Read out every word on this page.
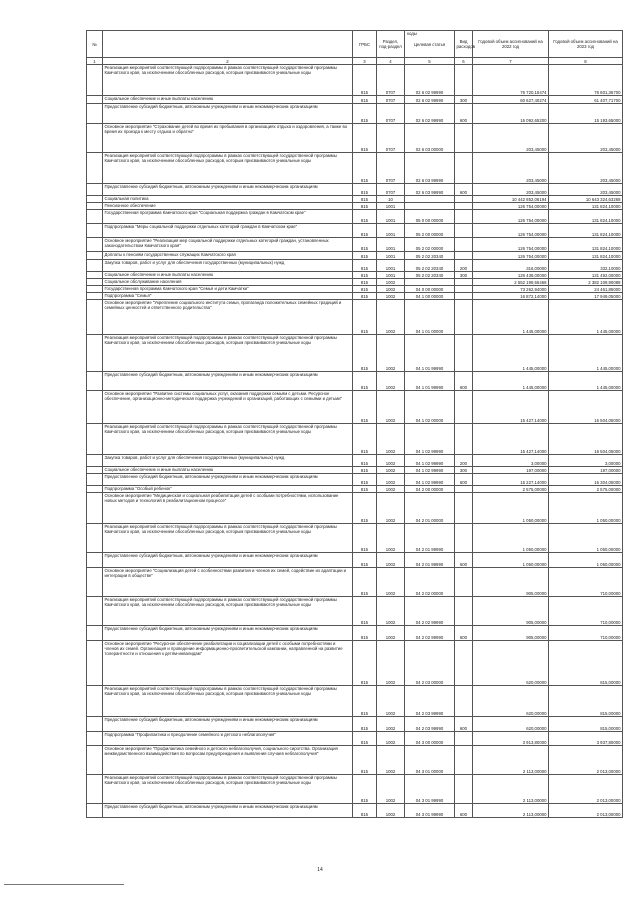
№		ГРБС	Раздел, под-раздел	Целевая статья	Вид расходов	Годовой объем ассигнований на 2022 год	Годовой объем ассигнований на 2023 год
1	2	3	4	5	6	7	8
	Реализация мероприятий соответствующей подпрограммы в рамках соответствующей государственной программы Камчатского края, за исключением обособленных расходов, которым присваиваются уникальные коды	815	0707	02 6 02 99990		76 720,15474	76 601,36700
	Социальное обеспечение и иные выплаты населению	815	0707	02 6 02 99990	300	60 627,40274	61 407,71700
	Предоставление субсидий бюджетным, автономным учреждениям и иным некоммерческим организациям	815	0707	02 6 02 99990	600	16 092,65200	15 193,65000
	Основное мероприятие "Страхование детей во время их пребывания в организациях отдыха и оздоровления, а также во время их проезда к месту отдыха и обратно"	815	0707	02 6 03 00000		203,45000	203,45000
	Реализация мероприятий соответствующей подпрограммы в рамках соответствующей государственной программы Камчатского края, за исключением обособленных расходов, которым присваиваются уникальные коды	815	0707	02 6 03 99990		203,45000	203,45000
	Предоставление субсидий бюджетным, автономным учреждениям и иным некоммерческим организациям	815	0707	02 6 03 99990	600	203,45000	203,45000
	Социальная политика	815	10			10 442 852,06194	10 643 324,63268
	Пенсионное обеспечение	815	1001			126 754,00000	131 824,10000
	Государственная программа Камчатского края "Социальная поддержка граждан в Камчатском крае"	815	1001	05 0 00 00000		126 754,00000	131 824,10000
	Подпрограмма "Меры социальной поддержки отдельных категорий граждан в Камчатском крае"	815	1001	05 2 00 00000		126 754,00000	131 824,10000
	Основное мероприятие "Реализация мер социальной поддержки отдельных категорий граждан, установленных законодательством Камчатского края"	815	1001	05 2 02 00000		126 754,00000	131 824,10000
	Доплаты к пенсиям государственных служащих Камчатского края	815	1001	05 2 02 20340		126 754,00000	131 824,10000
	Закупка товаров, работ и услуг для обеспечения государственных (муниципальных) нужд	815	1001	05 2 02 20340	200	316,00000	332,10000
	Социальное обеспечение и иные выплаты населению	815	1001	05 2 02 20340	300	126 438,00000	131 492,00000
	Социальное обслуживание населения	815	1002			2 552 199,56468	2 382 109,90088
	Государственная программа Камчатского края "Семья и дети Камчатки"	815	1002	04 0 00 00000		73 262,94000	24 461,85000
	Подпрограмма "Семья"	815	1002	04 1 00 00000		16 872,14000	17 949,05000
	Основное мероприятие "Укрепление социального института семьи, пропаганда положительных семейных традиций и семейных ценностей и ответственного родительства"	815	1002	04 1 01 00000		1 445,00000	1 445,00000
	Реализация мероприятий соответствующей подпрограммы в рамках соответствующей государственной программы Камчатского края, за исключением обособленных расходов, которым присваиваются уникальные коды	815	1002	04 1 01 99990		1 445,00000	1 445,00000
	Предоставление субсидий бюджетным, автономным учреждениям и иным некоммерческим организациям	815	1002	04 1 01 99990	600	1 445,00000	1 445,00000
	Основное мероприятие "Развитие системы социальных услуг, оказания поддержки семьям с детьми. Ресурсное обеспечение, организационно-методическая поддержка учреждений и организаций, работающих с семьями и детьми"	815	1002	04 1 02 00000		15 427,14000	16 504,05000
	Реализация мероприятий соответствующей подпрограммы в рамках соответствующей государственной программы Камчатского края, за исключением обособленных расходов, которым присваиваются уникальные коды	815	1002	04 1 02 99990		15 427,14000	16 504,05000
	Закупка товаров, работ и услуг для обеспечения государственных (муниципальных) нужд	815	1002	04 1 02 99990	200	3,00000	3,00000
	Социальное обеспечение и иные выплаты населению	815	1002	04 1 02 99990	300	197,00000	197,00000
	Предоставление субсидий бюджетным, автономным учреждениям и иным некоммерческим организациям	815	1002	04 1 02 99990	600	15 227,14000	16 304,05000
	Подпрограмма "Особый ребенок"	815	1002	04 2 00 00000		2 575,00000	2 575,00000
	Основное мероприятие "Медицинская и социальная реабилитация детей с особыми потребностями, использование новых методов и технологий в реабилитационном процессе"	815	1002	04 2 01 00000		1 050,00000	1 050,00000
	Реализация мероприятий соответствующей подпрограммы в рамках соответствующей государственной программы Камчатского края, за исключением обособленных расходов, которым присваиваются уникальные коды	815	1002	04 2 01 99990		1 050,00000	1 050,00000
	Предоставление субсидий бюджетным, автономным учреждениям и иным некоммерческим организациям	815	1002	04 2 01 99990	600	1 050,00000	1 050,00000
	Основное мероприятие "Социализация детей с особенностями развития и членов их семей, содействие их адаптации и интеграции в обществе"	815	1002	04 2 02 00000		905,00000	710,00000
	Реализация мероприятий соответствующей подпрограммы в рамках соответствующей государственной программы Камчатского края, за исключением обособленных расходов, которым присваиваются уникальные коды	815	1002	04 2 02 99990		905,00000	710,00000
	Предоставление субсидий бюджетным, автономным учреждениям и иным некоммерческим организациям	815	1002	04 2 02 99990	600	905,00000	710,00000
	Основное мероприятие "Ресурсное обеспечение реабилитации и социализации детей с особыми потребностями и членов их семей. Организация и проведение информационно-просветительской кампании, направленной на развитие толерантности и отношения к детям-инвалидам"	815	1002	04 2 03 00000		620,00000	815,00000
	Реализация мероприятий соответствующей подпрограммы в рамках соответствующей государственной программы Камчатского края, за исключением обособленных расходов, которым присваиваются уникальные коды	815	1002	04 2 03 99990		620,00000	815,00000
	Предоставление субсидий бюджетным, автономным учреждениям и иным некоммерческим организациям	815	1002	04 2 03 99990	600	620,00000	815,00000
	Подпрограмма "Профилактика и преодоление семейного и детского неблагополучия"	815	1002	04 3 00 00000		3 913,80000	3 937,80000
	Основное мероприятие "Профилактика семейного и детского неблагополучия, социального сиротства. Организация межведомственного взаимодействия по вопросам предупреждения и выявления случаев неблагополучия"	815	1002	04 3 01 00000		2 113,00000	2 013,00000
	Реализация мероприятий соответствующей подпрограммы в рамках соответствующей государственной программы Камчатского края, за исключением обособленных расходов, которым присваиваются уникальные коды	815	1002	04 3 01 99990		2 113,00000	2 013,00000
	Предоставление субсидий бюджетным, автономным учреждениям и иным некоммерческим организациям	815	1002	04 3 01 99990	600	2 113,00000	2 013,00000
коды
14
